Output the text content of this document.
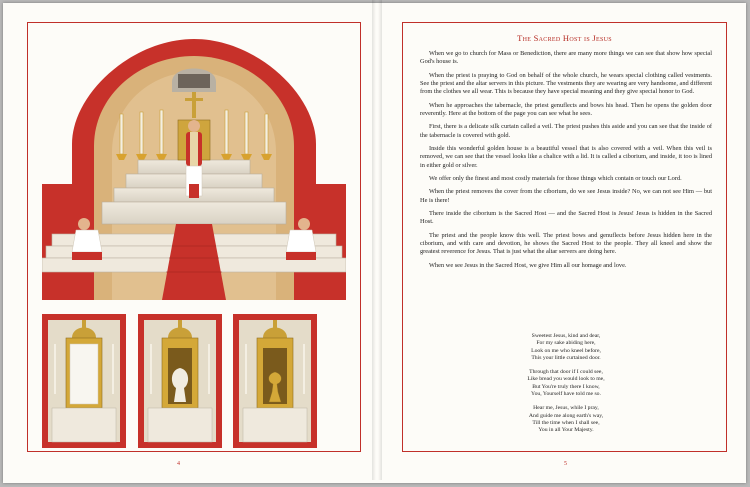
4
The Sacred Host is Jesus

When we go to church for Mass or Benediction, there are many more things we can see that show how special God's house is.

When the priest is praying to God on behalf of the whole church, he wears special clothing called vestments. See the priest and the altar servers in this picture. The vestments they are wearing are very handsome, and different from the clothes we all wear. This is because they have special meaning and they give special honor to God.

When he approaches the tabernacle, the priest genuflects and bows his head. Then he opens the golden door reverently. Here at the bottom of the page you can see what he sees.

First, there is a delicate silk curtain called a veil. The priest pushes this aside and you can see that the inside of the tabernacle is covered with gold.

Inside this wonderful golden house is a beautiful vessel that is also covered with a veil. When this veil is removed, we can see that the vessel looks like a chalice with a lid. It is called a ciborium, and inside, it too is lined in either gold or silver.

We offer only the finest and most costly materials for those things which contain or touch our Lord.

When the priest removes the cover from the ciborium, do we see Jesus inside? No, we can not see Him — but He is there!

There inside the ciborium is the Sacred Host — and the Sacred Host is Jesus! Jesus is hidden in the Sacred Host.

The priest and the people know this well. The priest bows and genuflects before Jesus hidden here in the ciborium, and with care and devotion, he shows the Sacred Host to the people. They all kneel and show the greatest reverence for Jesus. That is just what the altar servers are doing here.

When we see Jesus in the Sacred Host, we give Him all our homage and love.

Sweetest Jesus, kind and dear,
For my sake abiding here,
Look on me who kneel before,
This your little curtained door.
Through that door if I could see,
Like bread you would look to me,
But You're truly there I know,
You, Yourself have told me so.
Hear me, Jesus, while I pray,
And guide me along earth's way,
Till the time when I shall see,
You in all Your Majesty.
5
